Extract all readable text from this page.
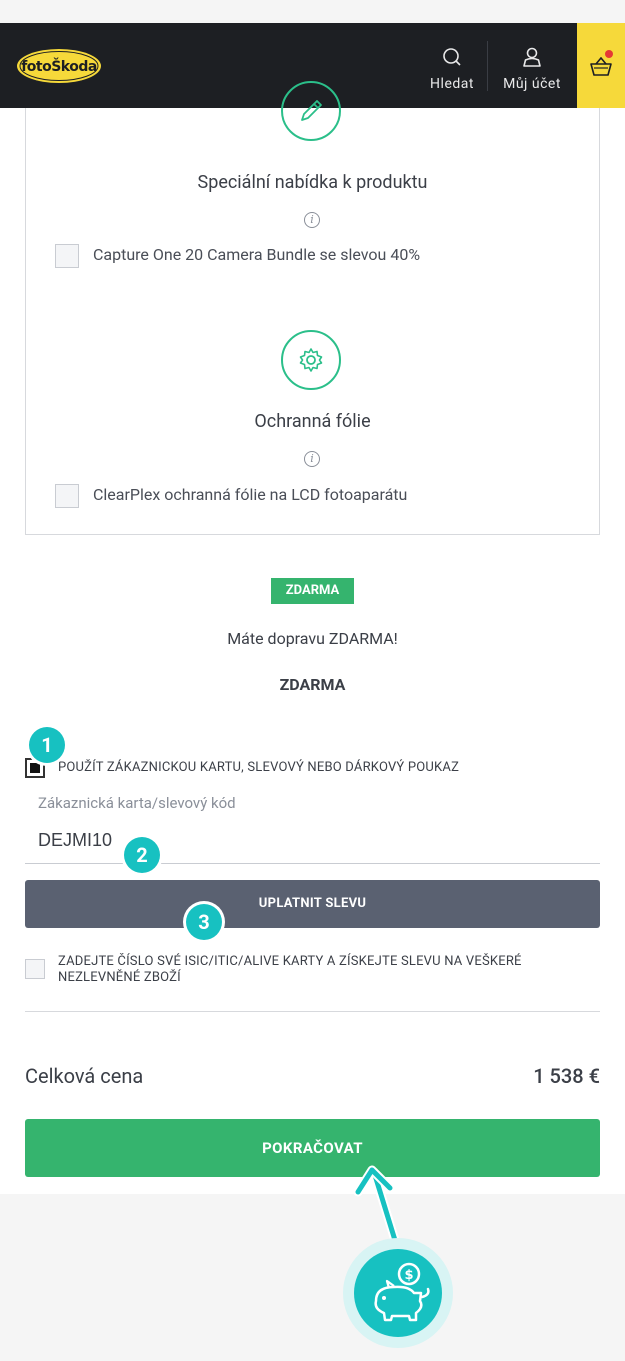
fotoŠkoda
Hledat	Můj účet
Speciální nabídka k produktu
i
Capture One 20 Camera Bundle se slevou 40%
Ochranná fólie
i
ClearPlex ochranná fólie na LCD fotoaparátu
ZDARMA
Máte dopravu ZDARMA!
ZDARMA
POUŽÍT ZÁKAZNICKOU KARTU, SLEVOVÝ NEBO DÁRKOVÝ POUKAZ
Zákaznická karta/slevový kód
DEJMI10
UPLATNIT SLEVU
ZADEJTE ČÍSLO SVÉ ISIC/ITIC/ALIVE KARTY A ZÍSKEJTE SLEVU NA VEŠKERÉ NEZLEVNĚNÉ ZBOŽÍ
Celková cena	1 538 €
POKRAČOVAT
1
2
3
$
